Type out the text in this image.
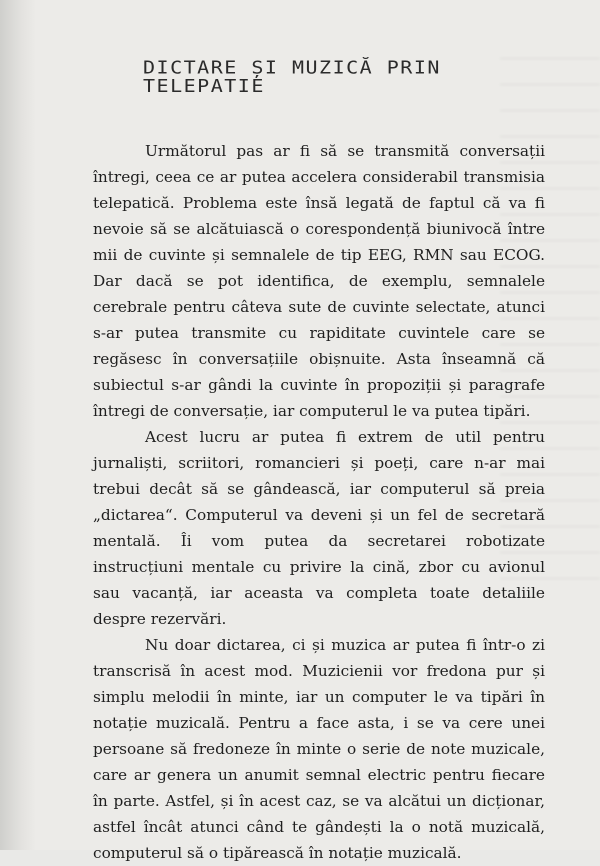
DICTARE ȘI MUZICĂ PRIN
TELEPATIE

Următorul pas ar fi să se transmită conversații întregi, ceea ce ar putea accelera considerabil transmisia telepatică. Problema este însă legată de faptul că va fi nevoie să se alcătuiască o corespondență biunivocă între mii de cuvinte și semnalele de tip EEG, RMN sau ECOG. Dar dacă se pot identifica, de exemplu, semnalele cerebrale pentru câteva sute de cuvinte selectate, atunci s-ar putea transmite cu rapiditate cuvintele care se regăsesc în conversațiile obișnuite. Asta înseamnă că subiectul s-ar gândi la cuvinte în propoziții și paragrafe întregi de conversație, iar computerul le va putea tipări.

Acest lucru ar putea fi extrem de util pentru jurnaliști, scriitori, romancieri și poeți, care n-ar mai trebui decât să se gândească, iar computerul să preia „dictarea“. Computerul va deveni și un fel de secretară mentală. Îi vom putea da secretarei robotizate instrucțiuni mentale cu privire la cină, zbor cu avionul sau vacanță, iar aceasta va completa toate detaliile despre rezervări.

Nu doar dictarea, ci și muzica ar putea fi într-o zi transcrisă în acest mod. Muzicienii vor fredona pur și simplu melodii în minte, iar un computer le va tipări în notație muzicală. Pentru a face asta, i se va cere unei persoane să fredoneze în minte o serie de note muzicale, care ar genera un anumit semnal electric pentru fiecare în parte. Astfel, și în acest caz, se va alcătui un dicționar, astfel încât atunci când te gândești la o notă muzicală, computerul să o tipărească în notație muzicală.
